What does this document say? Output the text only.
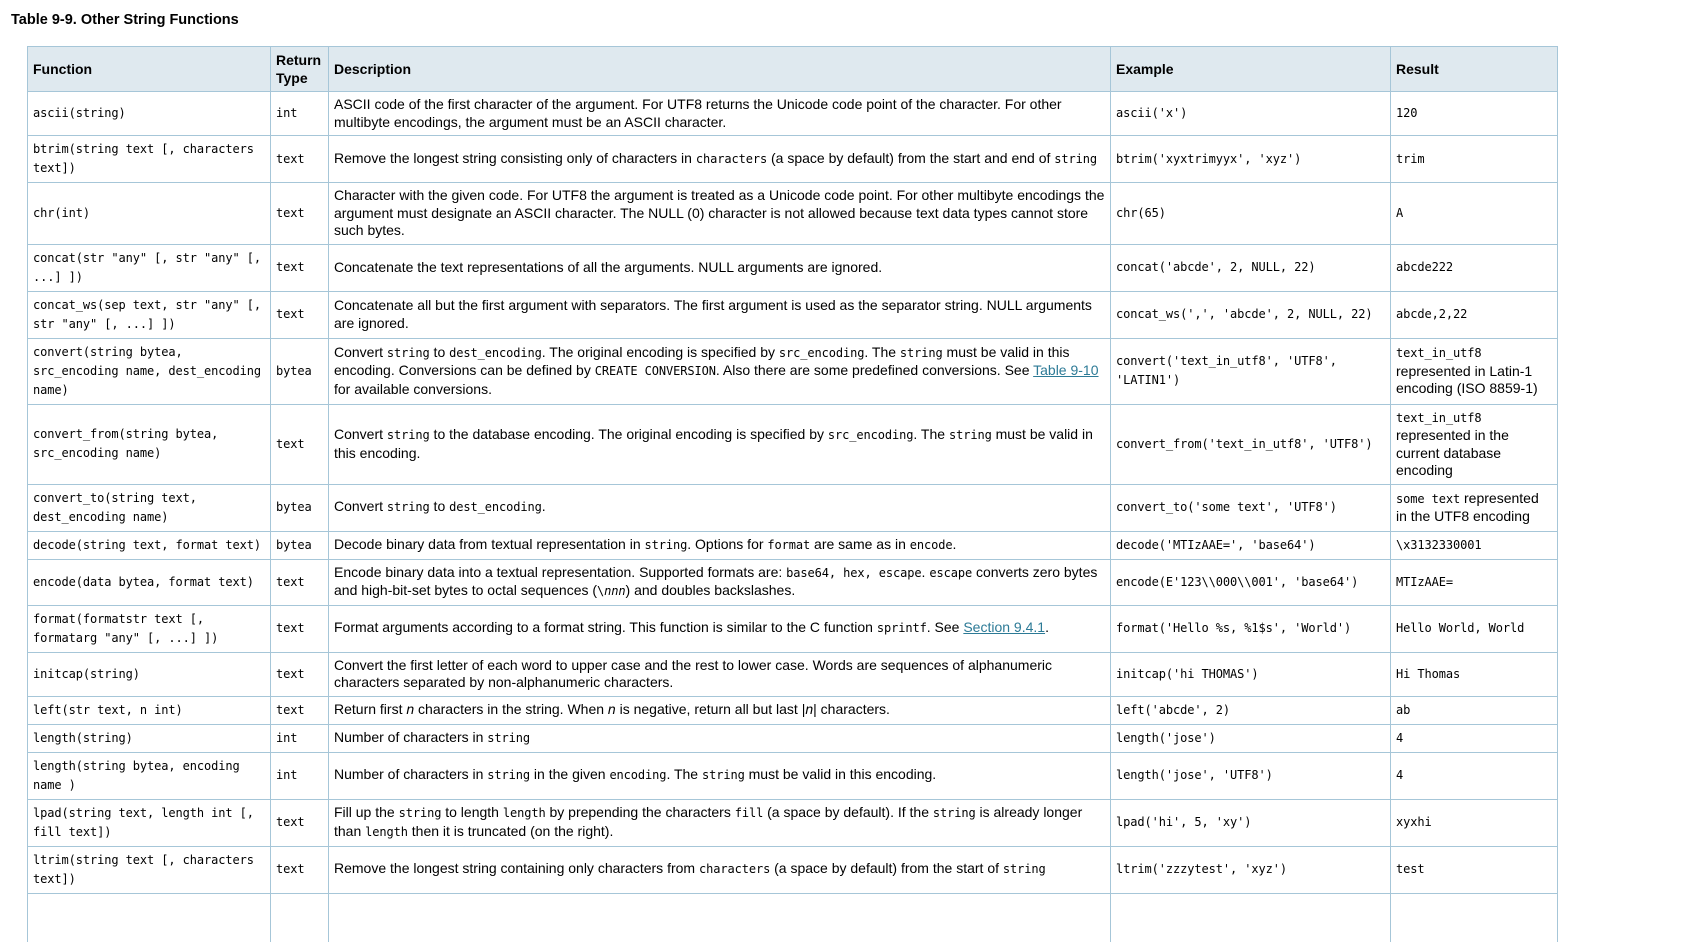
Table 9-9. Other String Functions
Function	Return Type	Description	Example	Result
ascii(string)	int	ASCII code of the first character of the argument. For UTF8 returns the Unicode code point of the character. For other multibyte encodings, the argument must be an ASCII character.	ascii('x')	120
btrim(string text [, characters text])	text	Remove the longest string consisting only of characters in characters (a space by default) from the start and end of string	btrim('xyxtrimyyx', 'xyz')	trim
chr(int)	text	Character with the given code. For UTF8 the argument is treated as a Unicode code point. For other multibyte encodings the argument must designate an ASCII character. The NULL (0) character is not allowed because text data types cannot store such bytes.	chr(65)	A
concat(str "any" [, str "any" [, ...] ])	text	Concatenate the text representations of all the arguments. NULL arguments are ignored.	concat('abcde', 2, NULL, 22)	abcde222
concat_ws(sep text, str "any" [, str "any" [, ...] ])	text	Concatenate all but the first argument with separators. The first argument is used as the separator string. NULL arguments are ignored.	concat_ws(',', 'abcde', 2, NULL, 22)	abcde,2,22
convert(string bytea, src_encoding name, dest_encoding name)	bytea	Convert string to dest_encoding. The original encoding is specified by src_encoding. The string must be valid in this encoding. Conversions can be defined by CREATE CONVERSION. Also there are some predefined conversions. See Table 9-10 for available conversions.	convert('text_in_utf8', 'UTF8', 'LATIN1')	text_in_utf8 represented in Latin-1 encoding (ISO 8859-1)
convert_from(string bytea, src_encoding name)	text	Convert string to the database encoding. The original encoding is specified by src_encoding. The string must be valid in this encoding.	convert_from('text_in_utf8', 'UTF8')	text_in_utf8 represented in the current database encoding
convert_to(string text, dest_encoding name)	bytea	Convert string to dest_encoding.	convert_to('some text', 'UTF8')	some text represented in the UTF8 encoding
decode(string text, format text)	bytea	Decode binary data from textual representation in string. Options for format are same as in encode.	decode('MTIzAAE=', 'base64')	\x3132330001
encode(data bytea, format text)	text	Encode binary data into a textual representation. Supported formats are: base64, hex, escape. escape converts zero bytes and high-bit-set bytes to octal sequences (\nnn) and doubles backslashes.	encode(E'123\\000\\001', 'base64')	MTIzAAE=
format(formatstr text [, formatarg "any" [, ...] ])	text	Format arguments according to a format string. This function is similar to the C function sprintf. See Section 9.4.1.	format('Hello %s, %1$s', 'World')	Hello World, World
initcap(string)	text	Convert the first letter of each word to upper case and the rest to lower case. Words are sequences of alphanumeric characters separated by non-alphanumeric characters.	initcap('hi THOMAS')	Hi Thomas
left(str text, n int)	text	Return first n characters in the string. When n is negative, return all but last |n| characters.	left('abcde', 2)	ab
length(string)	int	Number of characters in string	length('jose')	4
length(string bytea, encoding name )	int	Number of characters in string in the given encoding. The string must be valid in this encoding.	length('jose', 'UTF8')	4
lpad(string text, length int [, fill text])	text	Fill up the string to length length by prepending the characters fill (a space by default). If the string is already longer than length then it is truncated (on the right).	lpad('hi', 5, 'xy')	xyxhi
ltrim(string text [, characters text])	text	Remove the longest string containing only characters from characters (a space by default) from the start of string	ltrim('zzzytest', 'xyz')	test
